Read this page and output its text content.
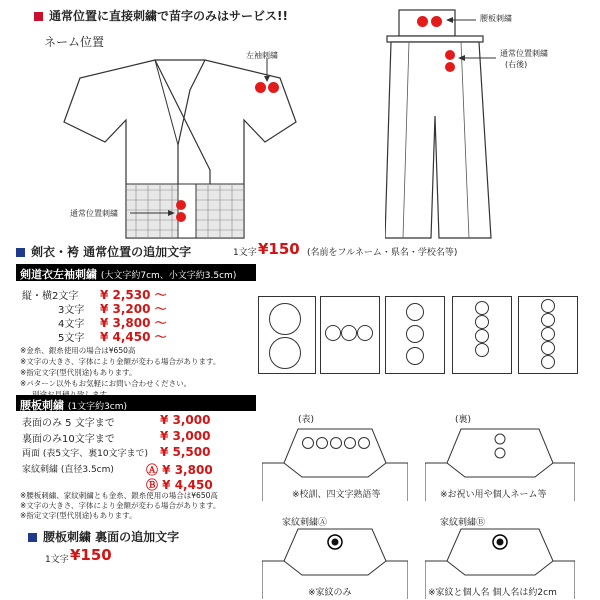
通常位置に直接刺繍で苗字のみはサービス!!
ネーム位置
左袖刺繍
通常位置刺繍
腰板刺繍
通常位置刺繍
(右後)
剣衣・袴 通常位置の追加文字	1文字 ¥150 (名前をフルネーム・県名・学校名等)
剣道衣左袖刺繍 (大文字約7cm、小文字約3.5cm)
縦・横2文字 ¥ 2,530 〜
3文字 ¥ 3,200 〜
4文字 ¥ 3,800 〜
5文字 ¥ 4,450 〜
※金糸、銀糸使用の場合は¥650高
※文字の大きさ、字体により金額が変わる場合があります。
※指定文字(型代別途)もあります。
※パターン以外もお気軽にお問い合わせください。
腰板刺繍 (1文字約3cm)
表面のみ 5 文字まで	¥ 3,000
裏面のみ10文字まで	¥ 3,000
両面 (表5文字、裏10文字まで) ¥ 5,500
家紋刺繍 (直径3.5cm)	Ⓐ ¥ 3,800
Ⓑ ¥ 4,450
※腰板刺繍、家紋刺繍とも金糸、銀糸使用の場合は¥650高
※文字の大きさ、字体により金額が変わる場合があります。
※指定文字(型代別途)もあります。
腰板刺繍 裏面の追加文字
1文字 ¥150
(表)	(裏)
※校訓、四文字熟語等	※お祝い用や個人ネーム等
家紋刺繍Ⓐ
※家紋のみ
家紋刺繍Ⓑ
※家紋と個人名 個人名は約2cm
